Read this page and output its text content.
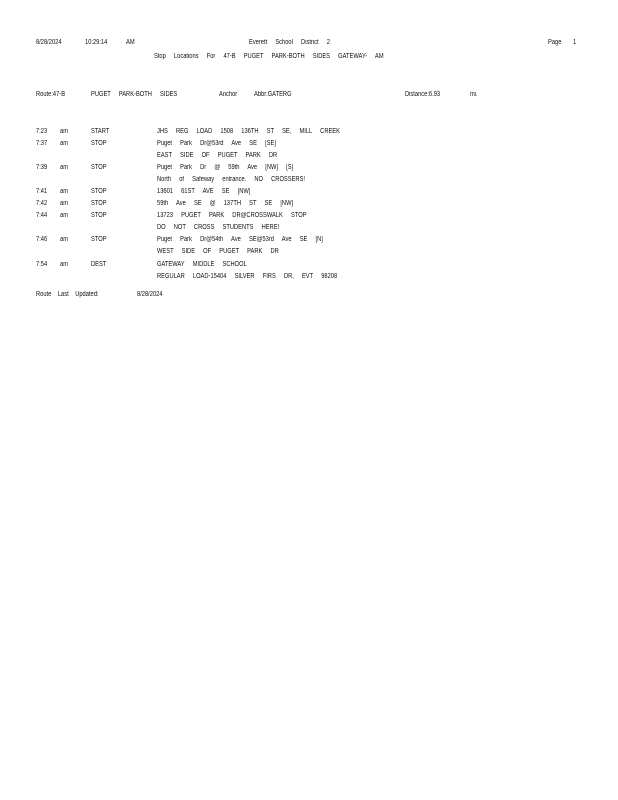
8/28/2024	10:29:14	AM	Everett School District 2	Page 1
Stop Locations For 47-B PUGET PARK-BOTH SIDES GATEWAY- AM
Route:47-B	PUGET PARK-BOTH SIDES	Anchor Abbr:GATERG	Distance:6.93	mi.
7:23 am	START	JHS REG LOAD 1508 136TH ST SE, MILL CREEK
7:37 am	STOP	Puget Park Dr@53rd Ave SE [SE]
EAST SIDE OF PUGET PARK DR
7:39 am	STOP	Puget Park Dr @ 59th Ave [NW] [S]
North of Safeway entrance. NO CROSSERS!
7:41 am	STOP	13601 61ST AVE SE [NW]
7:42 am	STOP	59th Ave SE @ 137TH ST SE [NW]
7:44 am	STOP	13723 PUGET PARK DR@CROSSWALK STOP
DO NOT CROSS STUDENTS HERE!
7:46 am	STOP	Puget Park Dr@54th Ave SE@53rd Ave SE [N]
WEST SIDE OF PUGET PARK DR
7:54 am	DEST	GATEWAY MIDDLE SCHOOL
REGULAR LOAD-15404 SILVER FIRS DR, EVT 98208
Route Last Updated:	8/28/2024
